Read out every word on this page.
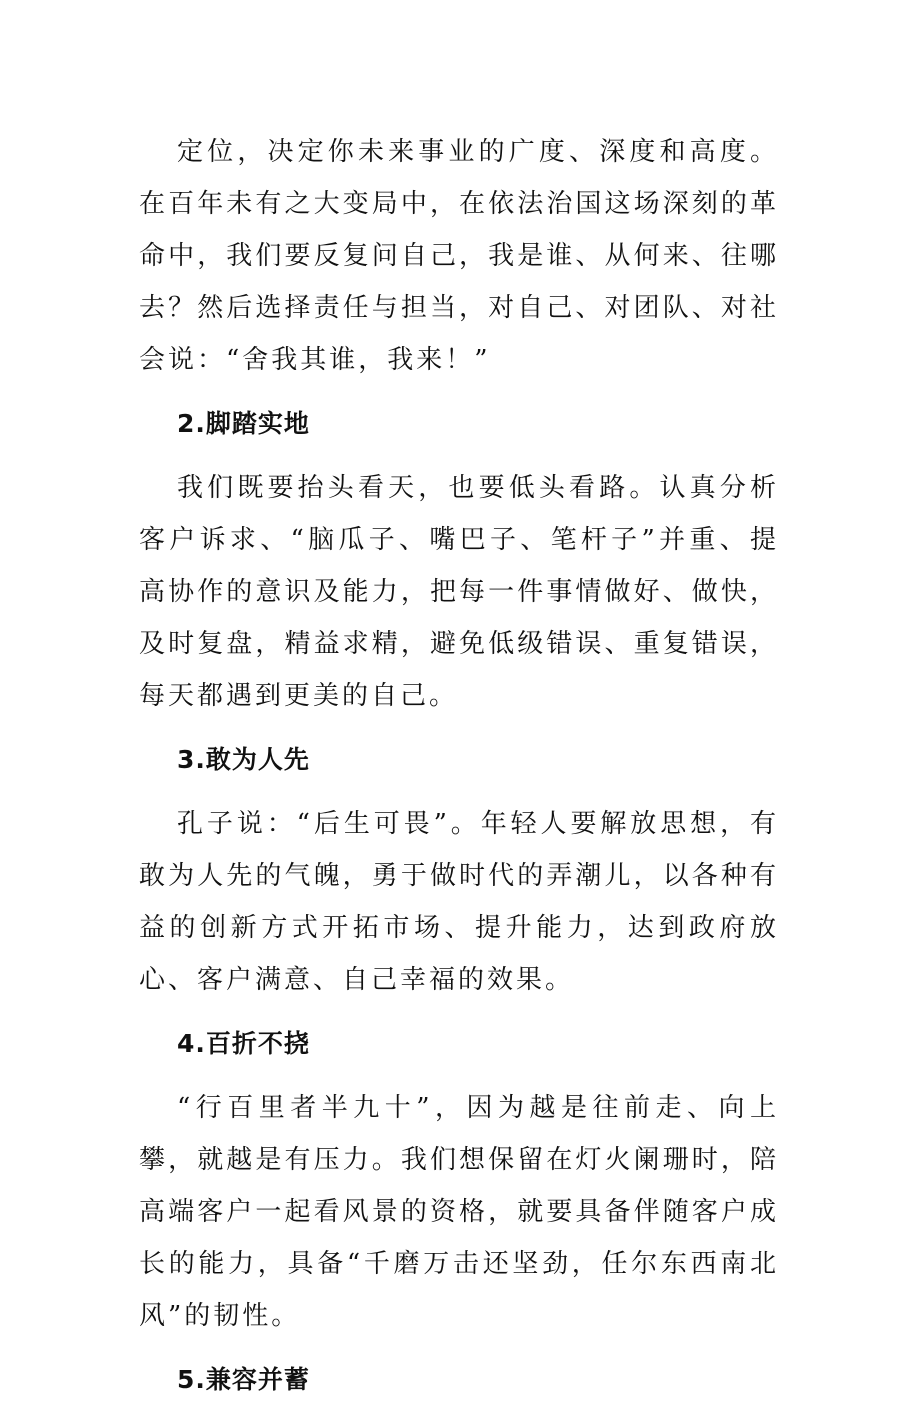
定位，决定你未来事业的广度、深度和高度。在百年未有之大变局中，在依法治国这场深刻的革命中，我们要反复问自己，我是谁、从何来、往哪去？然后选择责任与担当，对自己、对团队、对社会说：“舍我其谁，我来！”

2.脚踏实地

我们既要抬头看天，也要低头看路。认真分析客户诉求、“脑瓜子、嘴巴子、笔杆子”并重、提高协作的意识及能力，把每一件事情做好、做快，及时复盘，精益求精，避免低级错误、重复错误，每天都遇到更美的自己。

3.敢为人先

孔子说：“后生可畏”。年轻人要解放思想，有敢为人先的气魄，勇于做时代的弄潮儿，以各种有益的创新方式开拓市场、提升能力，达到政府放心、客户满意、自己幸福的效果。

4.百折不挠

“行百里者半九十”，因为越是往前走、向上攀，就越是有压力。我们想保留在灯火阑珊时，陪高端客户一起看风景的资格，就要具备伴随客户成长的能力，具备“千磨万击还坚劲，任尔东西南北风”的韧性。

5.兼容并蓄
